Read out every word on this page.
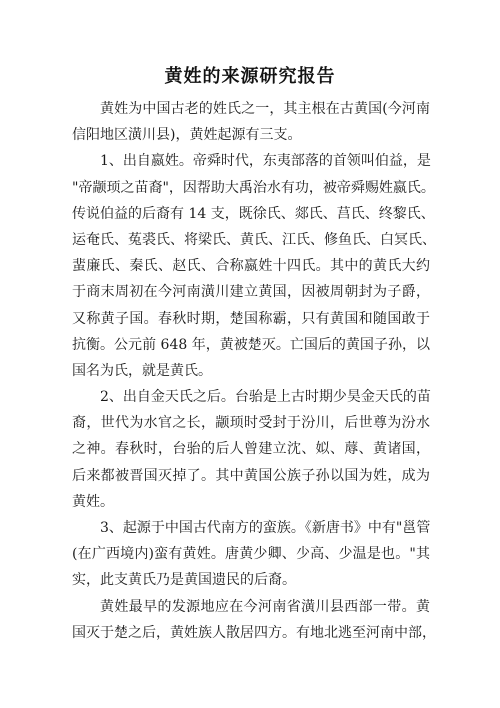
黄姓的来源研究报告
黄姓为中国古老的姓氏之一，其主根在古黄国(今河南
信阳地区潢川县)，黄姓起源有三支。
1、出自嬴姓。帝舜时代，东夷部落的首领叫伯益，是
"帝颛顼之苗裔"，因帮助大禹治水有功，被帝舜赐姓嬴氏。
传说伯益的后裔有 14 支，既徐氏、郯氏、莒氏、终黎氏、
运奄氏、菟裘氏、将梁氏、黄氏、江氏、修鱼氏、白冥氏、
蜚廉氏、秦氏、赵氏、合称嬴姓十四氏。其中的黄氏大约
于商末周初在今河南潢川建立黄国，因被周朝封为子爵，
又称黄子国。春秋时期，楚国称霸，只有黄国和随国敢于
抗衡。公元前 648 年，黄被楚灭。亡国后的黄国子孙，以
国名为氏，就是黄氏。
2、出自金天氏之后。台骀是上古时期少昊金天氏的苗
裔，世代为水官之长，颛顼时受封于汾川，后世尊为汾水
之神。春秋时，台骀的后人曾建立沈、姒、蓐、黄诸国，
后来都被晋国灭掉了。其中黄国公族子孙以国为姓，成为
黄姓。
3、起源于中国古代南方的蛮族。《新唐书》中有"邕管
(在广西境内)蛮有黄姓。唐黄少卿、少高、少温是也。"其
实，此支黄氏乃是黄国遗民的后裔。
黄姓最早的发源地应在今河南省潢川县西部一带。黄
国灭于楚之后，黄姓族人散居四方。有地北逃至河南中部，
